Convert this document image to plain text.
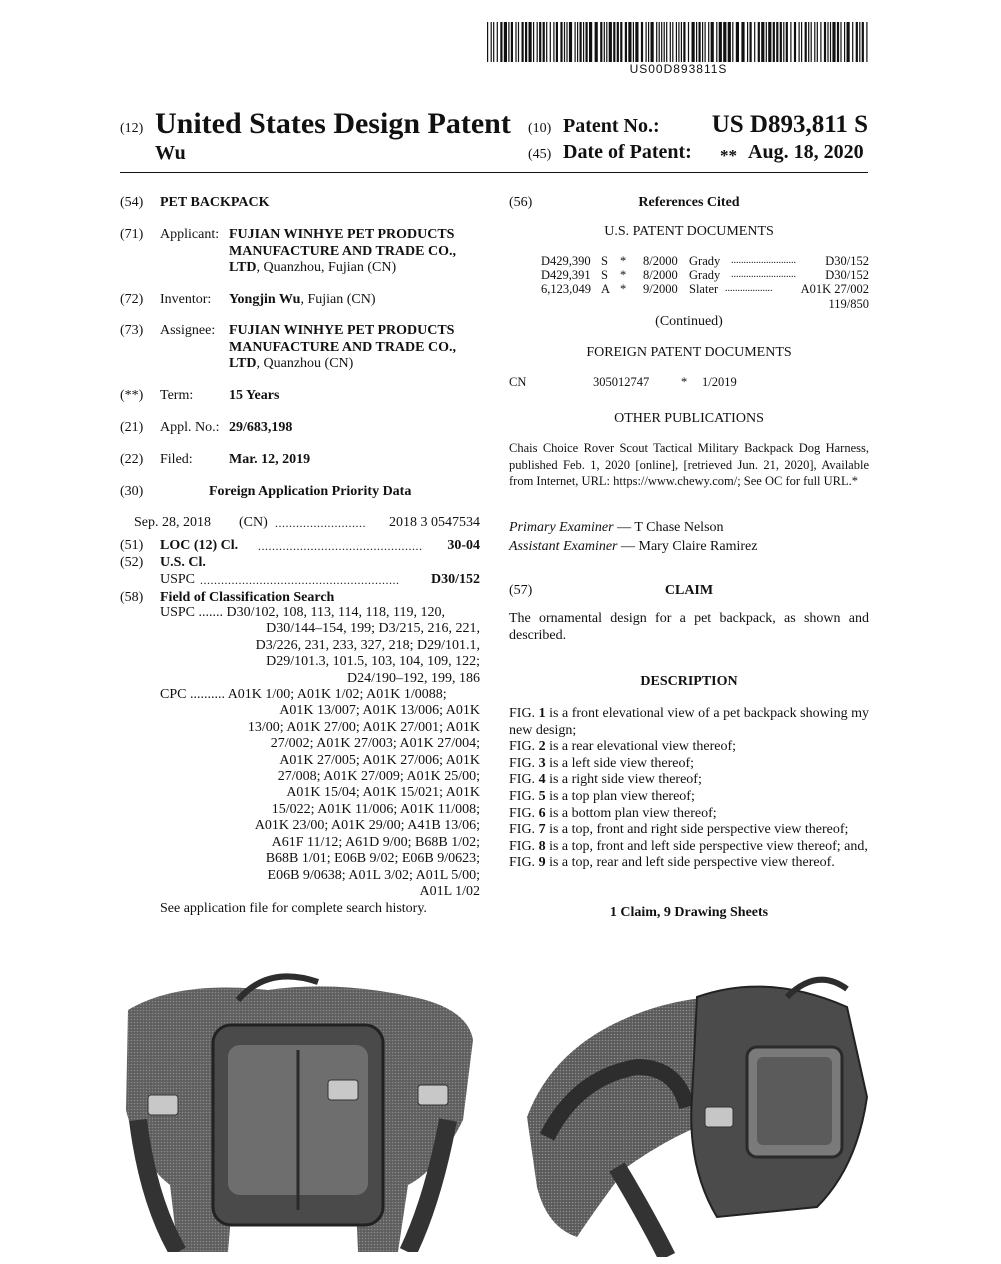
US00D893811S
(12) United States Design Patent
Wu
(10) Patent No.:	US D893,811 S
(45) Date of Patent: ** Aug. 18, 2020
(54) PET BACKPACK
(71) Applicant: FUJIAN WINHYE PET PRODUCTS
MANUFACTURE AND TRADE CO.,
LTD, Quanzhou, Fujian (CN)
(72) Inventor: Yongjin Wu, Fujian (CN)
(73) Assignee: FUJIAN WINHYE PET PRODUCTS
MANUFACTURE AND TRADE CO.,
LTD, Quanzhou (CN)
(**) Term:	15 Years
(21) Appl. No.: 29/683,198
(22) Filed:	Mar. 12, 2019
(30)	Foreign Application Priority Data
Sep. 28, 2018 (CN) .......................... 2018 3 0547534
(51) LOC (12) Cl. ............................................... 30-04
(52) U.S. Cl.
USPC ......................................................... D30/152
(58) Field of Classification Search
USPC ....... D30/102, 108, 113, 114, 118, 119, 120,
D30/144–154, 199; D3/215, 216, 221,
D3/226, 231, 233, 327, 218; D29/101.1,
D29/101.3, 101.5, 103, 104, 109, 122;
D24/190–192, 199, 186
CPC .......... A01K 1/00; A01K 1/02; A01K 1/0088;
A01K 13/007; A01K 13/006; A01K
13/00; A01K 27/00; A01K 27/001; A01K
27/002; A01K 27/003; A01K 27/004;
A01K 27/005; A01K 27/006; A01K
27/008; A01K 27/009; A01K 25/00;
A01K 15/04; A01K 15/021; A01K
15/022; A01K 11/006; A01K 11/008;
A01K 23/00; A01K 29/00; A41B 13/06;
A61F 11/12; A61D 9/00; B68B 1/02;
B68B 1/01; E06B 9/02; E06B 9/0623;
E06B 9/0638; A01L 3/02; A01L 5/00;
A01L 1/02
See application file for complete search history.
(56)	References Cited
U.S. PATENT DOCUMENTS
D429,390 S * 8/2000 Grady .......................... D30/152
D429,391 S * 8/2000 Grady .......................... D30/152
6,123,049 A * 9/2000 Slater ................... A01K 27/002
119/850
(Continued)
FOREIGN PATENT DOCUMENTS
CN	305012747	* 1/2019
OTHER PUBLICATIONS
Chais Choice Rover Scout Tactical Military Backpack Dog Harness, published Feb. 1, 2020 [online], [retrieved Jun. 21, 2020], Available from Internet, URL: https://www.chewy.com/; See OC for full URL.*
Primary Examiner — T Chase Nelson
Assistant Examiner — Mary Claire Ramirez
(57)	CLAIM
The ornamental design for a pet backpack, as shown and described.
DESCRIPTION
FIG. 1 is a front elevational view of a pet backpack showing my new design;
FIG. 2 is a rear elevational view thereof;
FIG. 3 is a left side view thereof;
FIG. 4 is a right side view thereof;
FIG. 5 is a top plan view thereof;
FIG. 6 is a bottom plan view thereof;
FIG. 7 is a top, front and right side perspective view thereof;
FIG. 8 is a top, front and left side perspective view thereof; and,
FIG. 9 is a top, rear and left side perspective view thereof.
1 Claim, 9 Drawing Sheets
